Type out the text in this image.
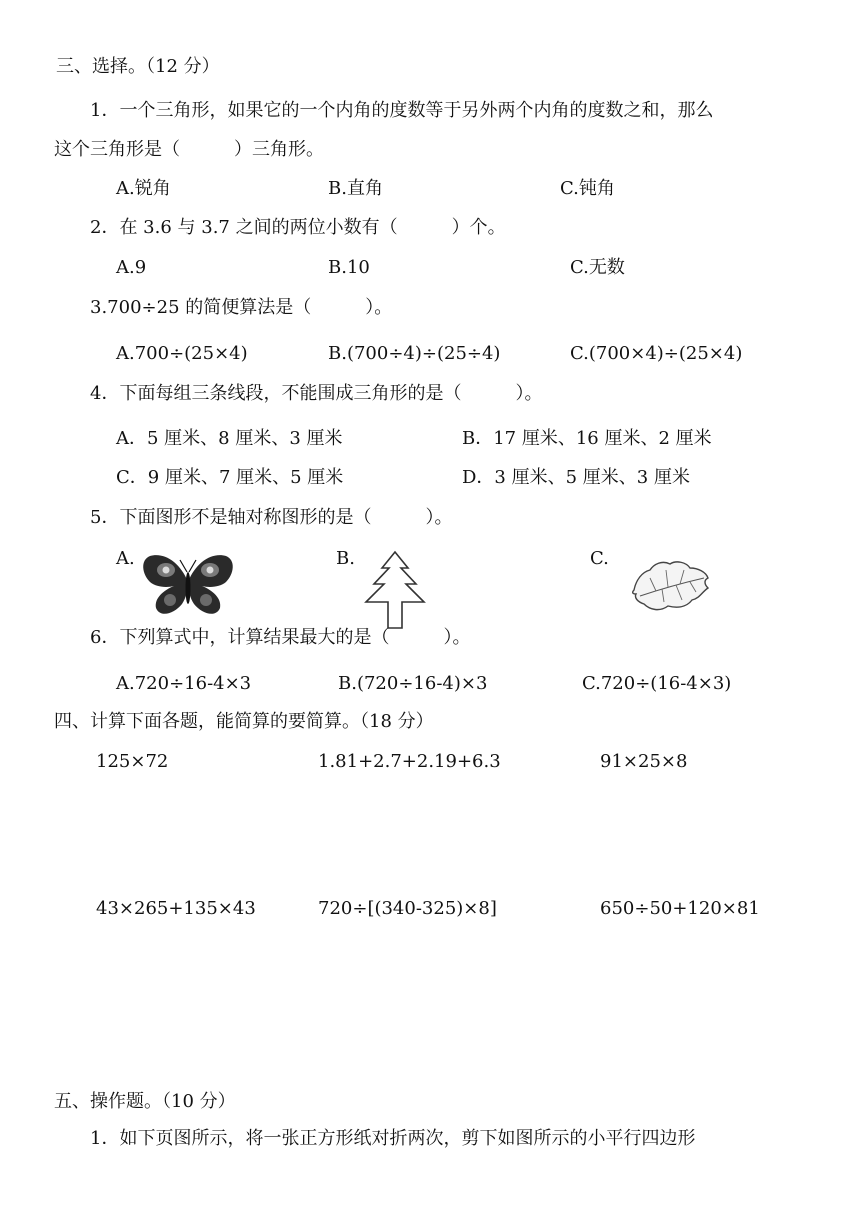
三、选择。（12 分）
1．一个三角形，如果它的一个内角的度数等于另外两个内角的度数之和，那么
这个三角形是（　　　）三角形。
A.锐角	B.直角	C.钝角
2．在 3.6 与 3.7 之间的两位小数有（　　　）个。
A.9	B.10	C.无数
3.700÷25 的简便算法是（　　　）。
A.700÷(25×4)	B.(700÷4)÷(25÷4)	C.(700×4)÷(25×4)
4．下面每组三条线段，不能围成三角形的是（　　　）。
A．5 厘米、8 厘米、3 厘米	B．17 厘米、16 厘米、2 厘米
C．9 厘米、7 厘米、5 厘米	D．3 厘米、5 厘米、3 厘米
5．下面图形不是轴对称图形的是（　　　）。
A.	B.	C.
6．下列算式中，计算结果最大的是（　　　）。
A.720÷16-4×3	B.(720÷16-4)×3	C.720÷(16-4×3)
四、计算下面各题，能简算的要简算。（18 分）
125×72	1.81+2.7+2.19+6.3	91×25×8
43×265+135×43	720÷[(340-325)×8]	650÷50+120×81
五、操作题。（10 分）
1．如下页图所示，将一张正方形纸对折两次，剪下如图所示的小平行四边形
